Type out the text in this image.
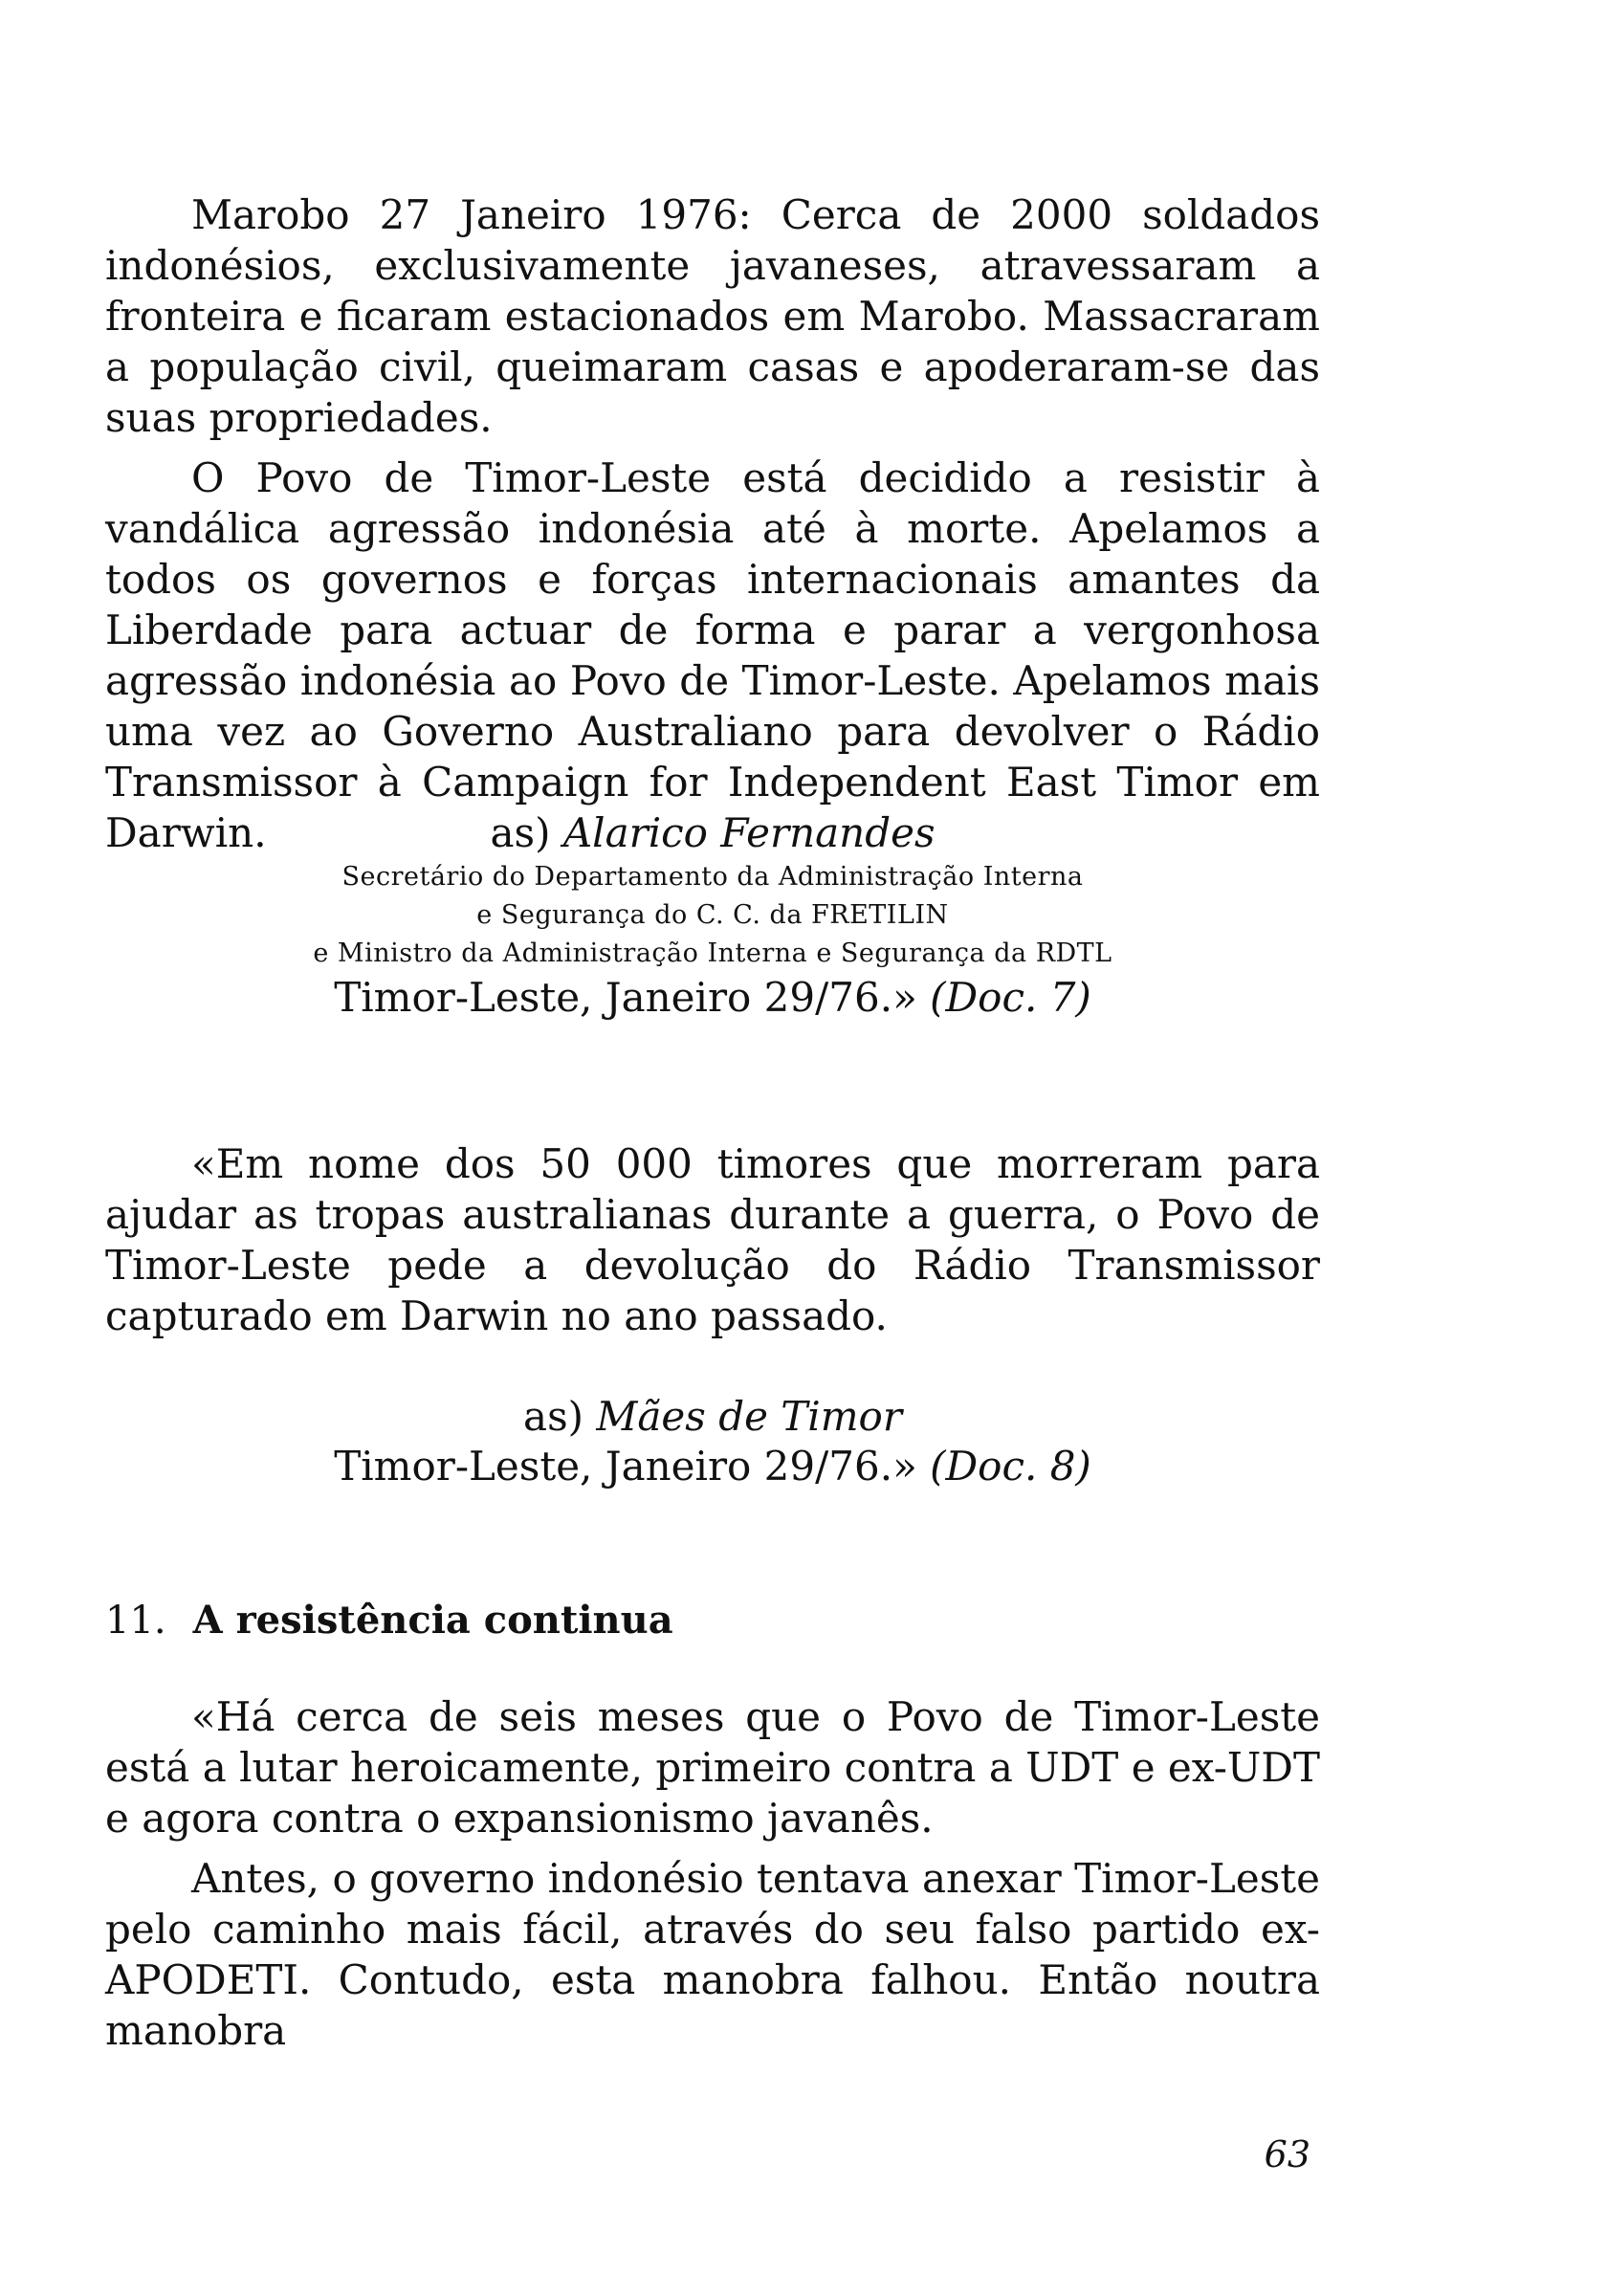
Marobo 27 Janeiro 1976: Cerca de 2000 soldados indonésios, exclusivamente javaneses, atravessaram a fronteira e ficaram estacionados em Marobo. Massacraram a população civil, queimaram casas e apoderaram-se das suas propriedades.

O Povo de Timor-Leste está decidido a resistir à vandálica agressão indonésia até à morte. Apelamos a todos os governos e forças internacionais amantes da Liberdade para actuar de forma e parar a vergonhosa agressão indonésia ao Povo de Timor-Leste. Apelamos mais uma vez ao Governo Australiano para devolver o Rádio Transmissor à Campaign for Independent East Timor em Darwin.	as) Alarico Fernandes
Secretário do Departamento da Administração Interna
e Segurança do C. C. da FRETILIN
e Ministro da Administração Interna e Segurança da RDTL
Timor-Leste, Janeiro 29/76.» (Doc. 7)

«Em nome dos 50 000 timores que morreram para ajudar as tropas australianas durante a guerra, o Povo de Timor-Leste pede a devolução do Rádio Transmissor capturado em Darwin no ano passado.

as) Mães de Timor
Timor-Leste, Janeiro 29/76.» (Doc. 8)
11. A resistência continua

«Há cerca de seis meses que o Povo de Timor-Leste está a lutar heroicamente, primeiro contra a UDT e ex-UDT e agora contra o expansionismo javanês.

Antes, o governo indonésio tentava anexar Timor-Leste pelo caminho mais fácil, através do seu falso partido ex-APODETI. Contudo, esta manobra falhou. Então noutra manobra

63
